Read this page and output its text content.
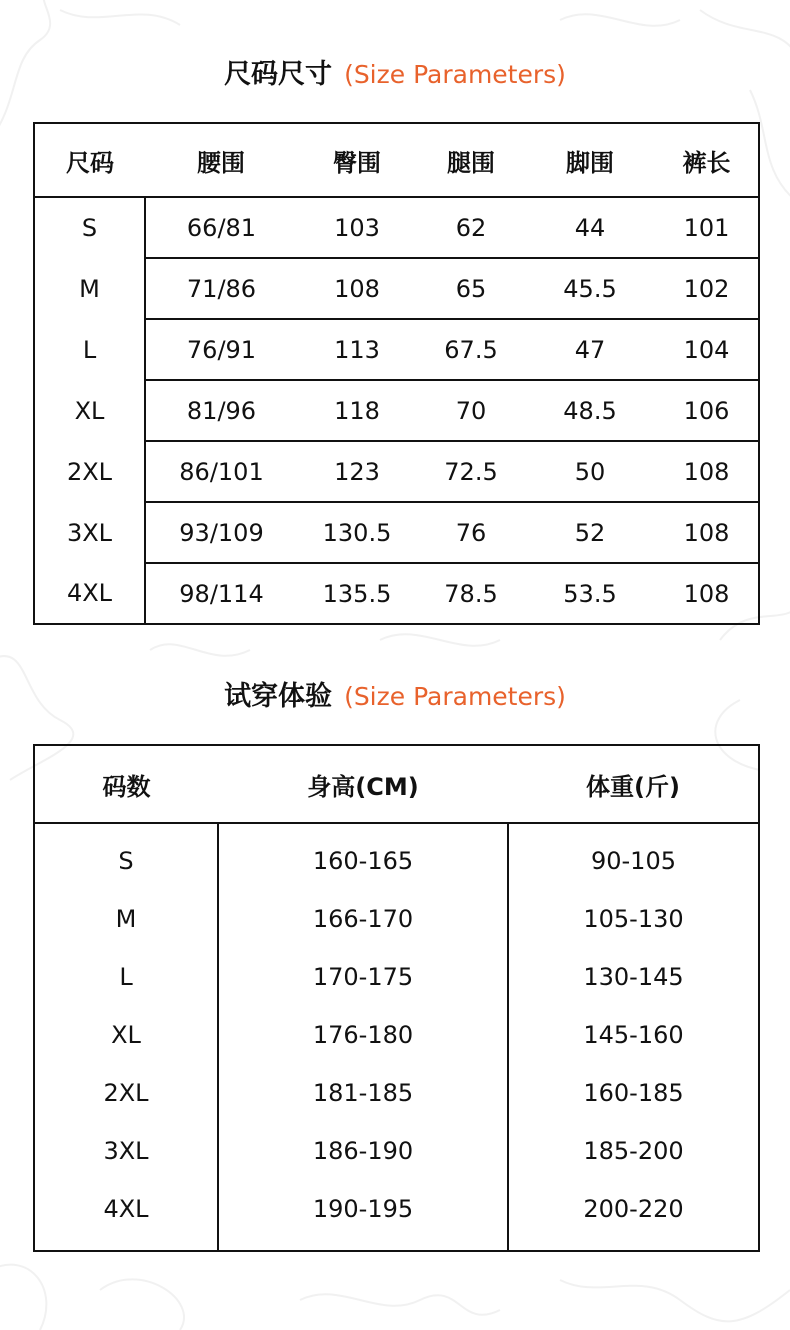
尺码尺寸 (Size Parameters)
尺码	腰围	臀围	腿围	脚围	裤长
S	66/81	103	62	44	101
M	71/86	108	65	45.5	102
L	76/91	113	67.5	47	104
XL	81/96	118	70	48.5	106
2XL	86/101	123	72.5	50	108
3XL	93/109	130.5	76	52	108
4XL	98/114	135.5	78.5	53.5	108
试穿体验 (Size Parameters)
码数	身高(CM)	体重(斤)
S	160-165	90-105
M	166-170	105-130
L	170-175	130-145
XL	176-180	145-160
2XL	181-185	160-185
3XL	186-190	185-200
4XL	190-195	200-220
